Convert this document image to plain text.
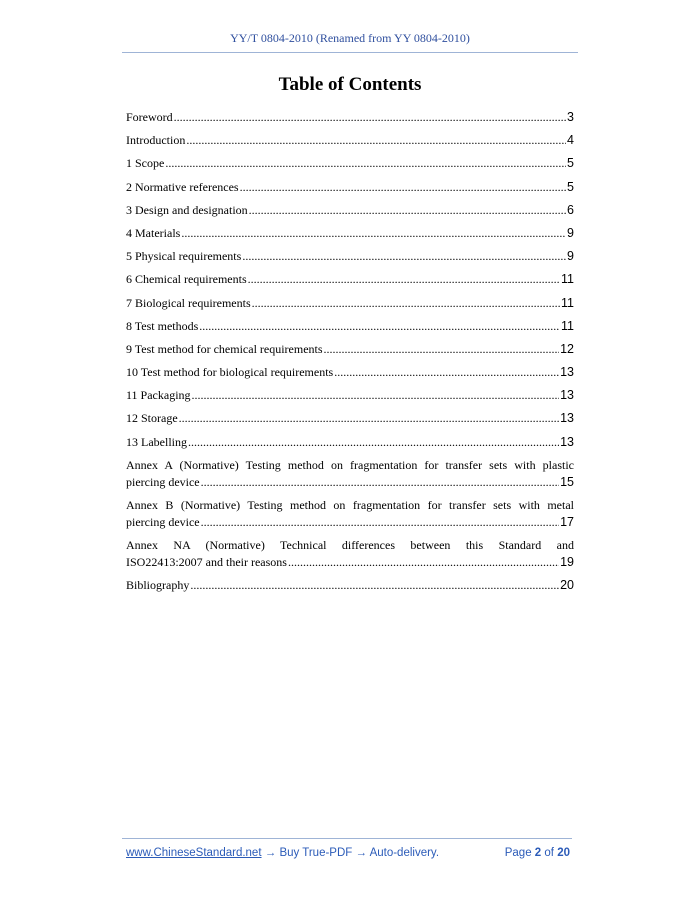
YY/T 0804-2010 (Renamed from YY 0804-2010)
Table of Contents
Foreword .....	3
Introduction .....	4
1 Scope .....	5
2 Normative references .....	5
3 Design and designation .....	6
4 Materials .....	9
5 Physical requirements .....	9
6 Chemical requirements .....	11
7 Biological requirements .....	11
8 Test methods .....	11
9 Test method for chemical requirements .....	12
10 Test method for biological requirements .....	13
11 Packaging .....	13
12 Storage .....	13
13 Labelling .....	13
Annex A (Normative) Testing method on fragmentation for transfer sets with plastic
piercing device .....	15
Annex B (Normative) Testing method on fragmentation for transfer sets with metal
piercing device .....	17
Annex NA (Normative) Technical differences between this Standard and
ISO22413:2007 and their reasons .....	19
Bibliography .....	20
www.ChineseStandard.net → Buy True-PDF → Auto-delivery.	Page 2 of 20
